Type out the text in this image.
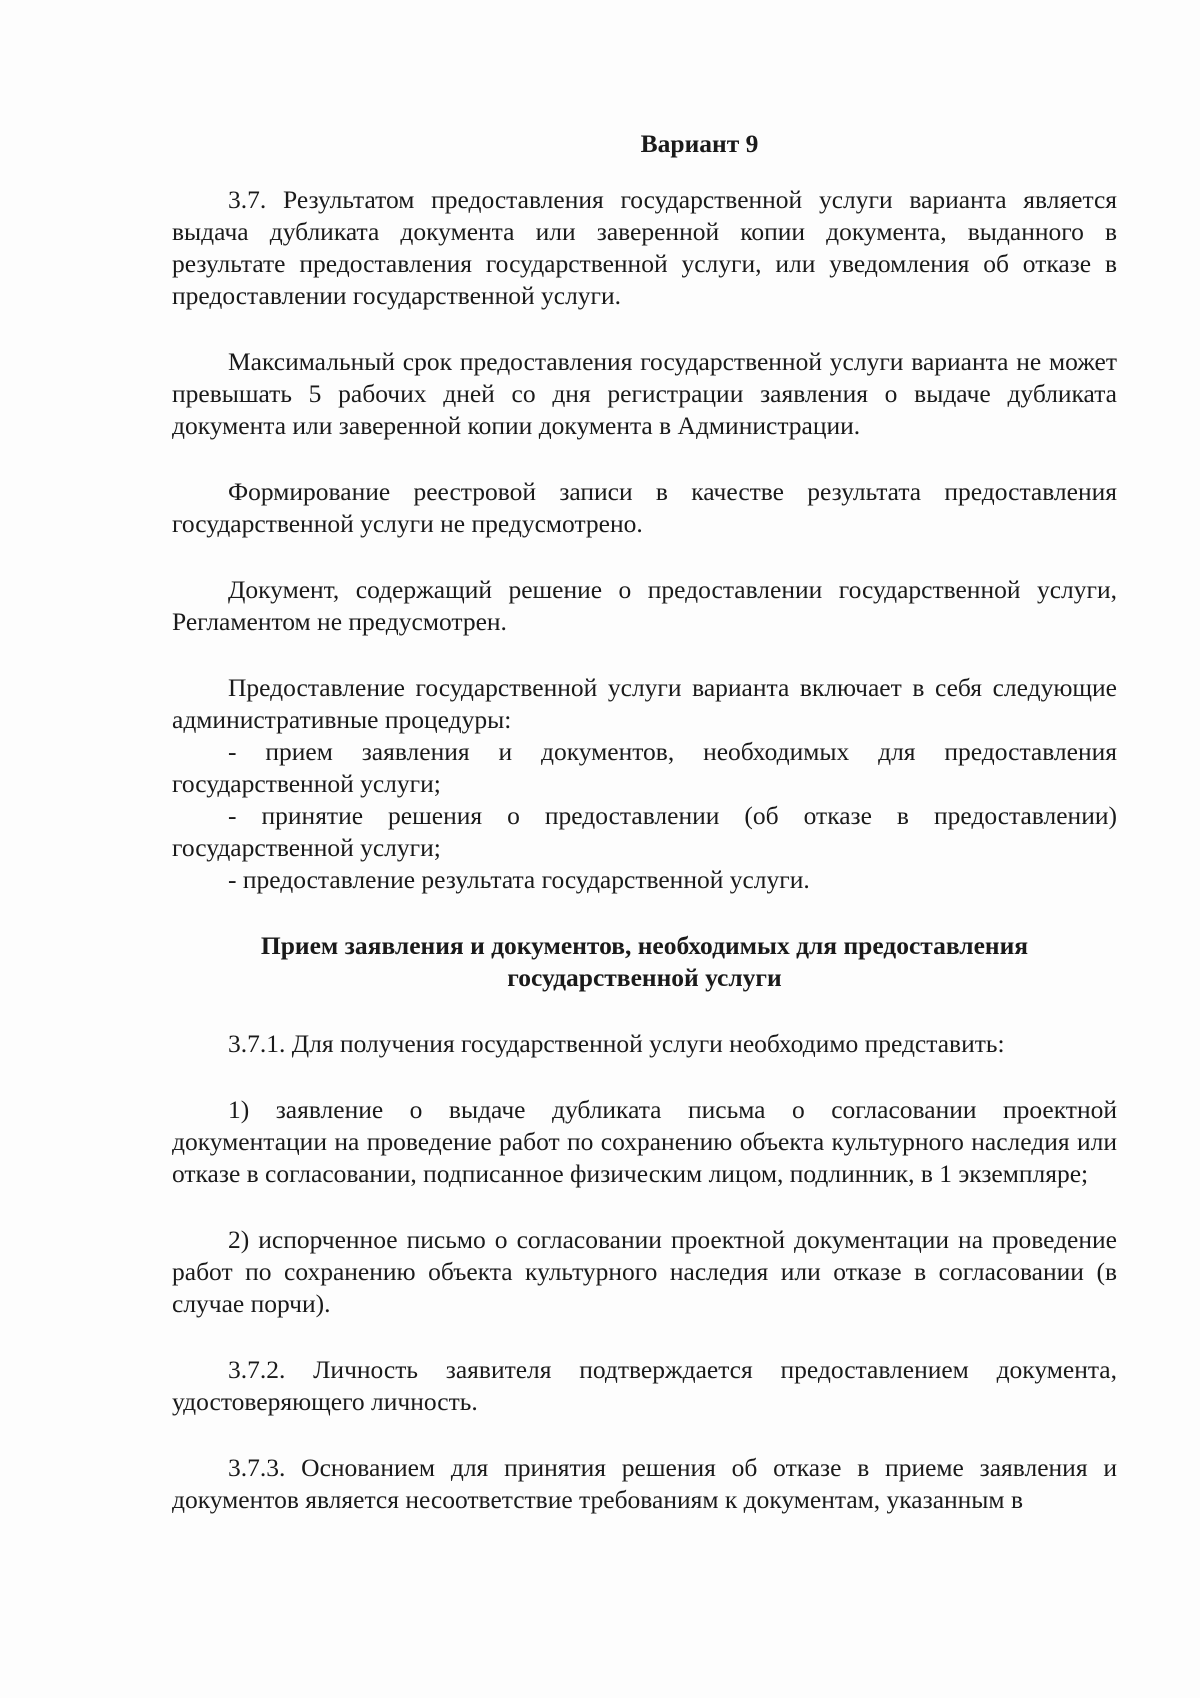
Вариант 9

3.7. Результатом предоставления государственной услуги варианта является выдача дубликата документа или заверенной копии документа, выданного в результате предоставления государственной услуги, или уведомления об отказе в предоставлении государственной услуги.

Максимальный срок предоставления государственной услуги варианта не может превышать 5 рабочих дней со дня регистрации заявления о выдаче дубликата документа или заверенной копии документа в Администрации.

Формирование реестровой записи в качестве результата предоставления государственной услуги не предусмотрено.

Документ, содержащий решение о предоставлении государственной услуги, Регламентом не предусмотрен.

Предоставление государственной услуги варианта включает в себя следующие административные процедуры:

- прием заявления и документов, необходимых для предоставления государственной услуги;

- принятие решения о предоставлении (об отказе в предоставлении) государственной услуги;

- предоставление результата государственной услуги.

Прием заявления и документов, необходимых для предоставления
государственной услуги

3.7.1. Для получения государственной услуги необходимо представить:

1) заявление о выдаче дубликата письма о согласовании проектной документации на проведение работ по сохранению объекта культурного наследия или отказе в согласовании, подписанное физическим лицом, подлинник, в 1 экземпляре;

2) испорченное письмо о согласовании проектной документации на проведение работ по сохранению объекта культурного наследия или отказе в согласовании (в случае порчи).

3.7.2. Личность заявителя подтверждается предоставлением документа, удостоверяющего личность.

3.7.3. Основанием для принятия решения об отказе в приеме заявления и документов является несоответствие требованиям к документам, указанным в
